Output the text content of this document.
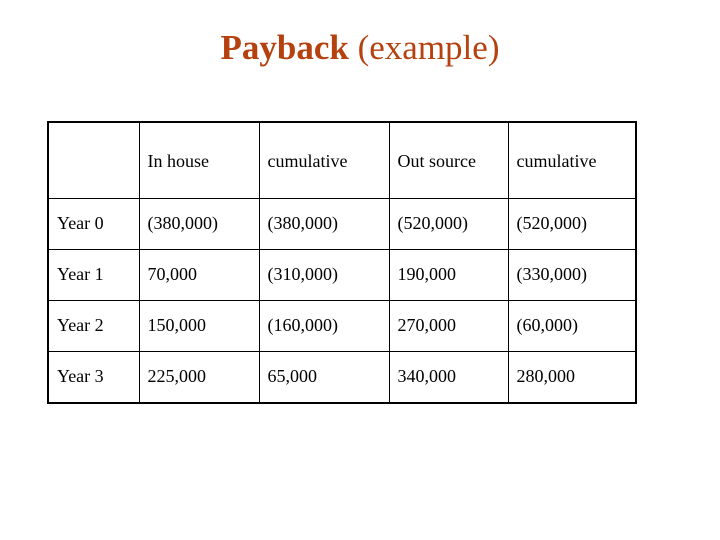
Payback (example)
	In house	cumulative	Out source	cumulative
Year 0	(380,000)	(380,000)	(520,000)	(520,000)
Year 1	70,000	(310,000)	190,000	(330,000)
Year 2	150,000	(160,000)	270,000	(60,000)
Year 3	225,000	65,000	340,000	280,000
